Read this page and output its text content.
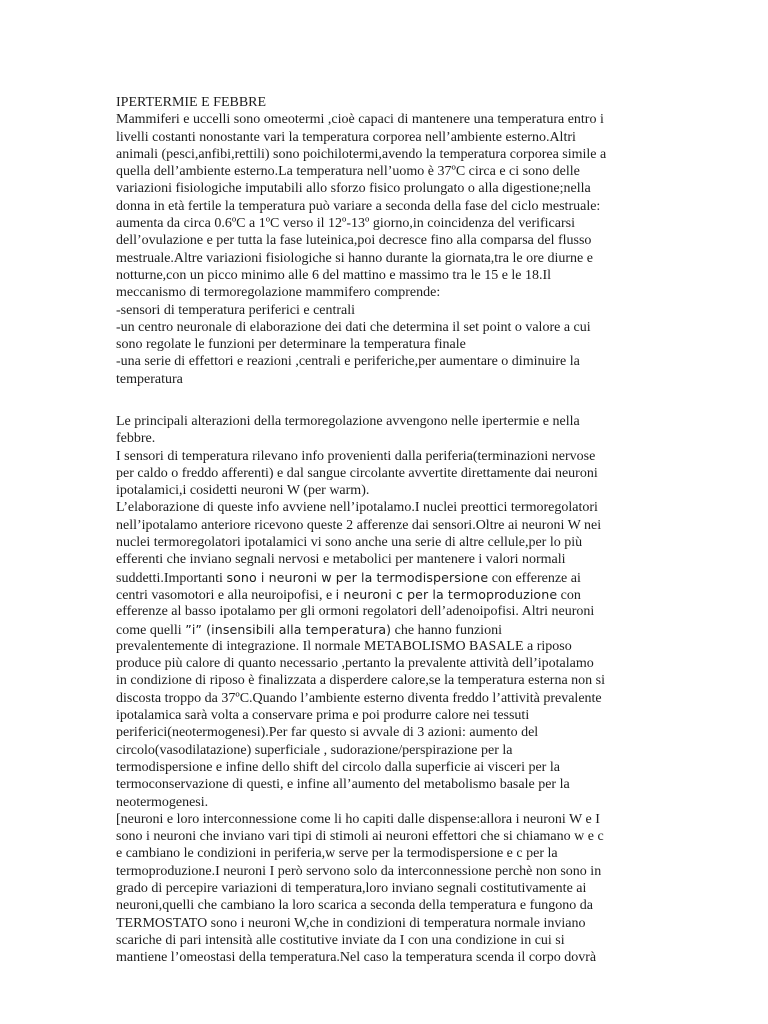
IPERTERMIE E FEBBRE
Mammiferi e uccelli sono omeotermi ,cioè capaci di mantenere una temperatura entro i
livelli costanti nonostante vari la temperatura corporea nell’ambiente esterno.Altri
animali (pesci,anfibi,rettili) sono poichilotermi,avendo la temperatura corporea simile a
quella dell’ambiente esterno.La temperatura nell’uomo è 37ºC circa e ci sono delle
variazioni fisiologiche imputabili allo sforzo fisico prolungato o alla digestione;nella
donna in età fertile la temperatura può variare a seconda della fase del ciclo mestruale:
aumenta da circa 0.6ºC a 1ºC verso il 12º-13º giorno,in coincidenza del verificarsi
dell’ovulazione e per tutta la fase luteinica,poi decresce fino alla comparsa del flusso
mestruale.Altre variazioni fisiologiche si hanno durante la giornata,tra le ore diurne e
notturne,con un picco minimo alle 6 del mattino e massimo tra le 15 e le 18.Il
meccanismo di termoregolazione mammifero comprende:
-sensori di temperatura periferici e centrali
-un centro neuronale di elaborazione dei dati che determina il set point o valore a cui
sono regolate le funzioni per determinare la temperatura finale
-una serie di effettori e reazioni ,centrali e periferiche,per aumentare o diminuire la
temperatura
Le principali alterazioni della termoregolazione avvengono nelle ipertermie e nella
febbre.
I sensori di temperatura rilevano info provenienti dalla periferia(terminazioni nervose
per caldo o freddo afferenti) e dal sangue circolante avvertite direttamente dai neuroni
ipotalamici,i cosidetti neuroni W (per warm).
L’elaborazione di queste info avviene nell’ipotalamo.I nuclei preottici termoregolatori
nell’ipotalamo anteriore ricevono queste 2 afferenze dai sensori.Oltre ai neuroni W nei
nuclei termoregolatori ipotalamici vi sono anche una serie di altre cellule,per lo più
efferenti che inviano segnali nervosi e metabolici per mantenere i valori normali
suddetti.Importanti sono i neuroni w per la termodispersione con efferenze ai
centri vasomotori e alla neuroipofisi, e i neuroni c per la termoproduzione con
efferenze al basso ipotalamo per gli ormoni regolatori dell’adenoipofisi. Altri neuroni
come quelli ”i” (insensibili alla temperatura) che hanno funzioni
prevalentemente di integrazione. Il normale METABOLISMO BASALE a riposo
produce più calore di quanto necessario ,pertanto la prevalente attività dell’ipotalamo
in condizione di riposo è finalizzata a disperdere calore,se la temperatura esterna non si
discosta troppo da 37ºC.Quando l’ambiente esterno diventa freddo l’attività prevalente
ipotalamica sarà volta a conservare prima e poi produrre calore nei tessuti
periferici(neotermogenesi).Per far questo si avvale di 3 azioni: aumento del
circolo(vasodilatazione) superficiale , sudorazione/perspirazione per la
termodispersione e infine dello shift del circolo dalla superficie ai visceri per la
termoconservazione di questi, e infine all’aumento del metabolismo basale per la
neotermogenesi.
[neuroni e loro interconnessione come li ho capiti dalle dispense:allora i neuroni W e I
sono i neuroni che inviano vari tipi di stimoli ai neuroni effettori che si chiamano w e c
e cambiano le condizioni in periferia,w serve per la termodispersione e c per la
termoproduzione.I neuroni I però servono solo da interconnessione perchè non sono in
grado di percepire variazioni di temperatura,loro inviano segnali costitutivamente ai
neuroni,quelli che cambiano la loro scarica a seconda della temperatura e fungono da
TERMOSTATO sono i neuroni W,che in condizioni di temperatura normale inviano
scariche di pari intensità alle costitutive inviate da I con una condizione in cui si
mantiene l’omeostasi della temperatura.Nel caso la temperatura scenda il corpo dovrà
